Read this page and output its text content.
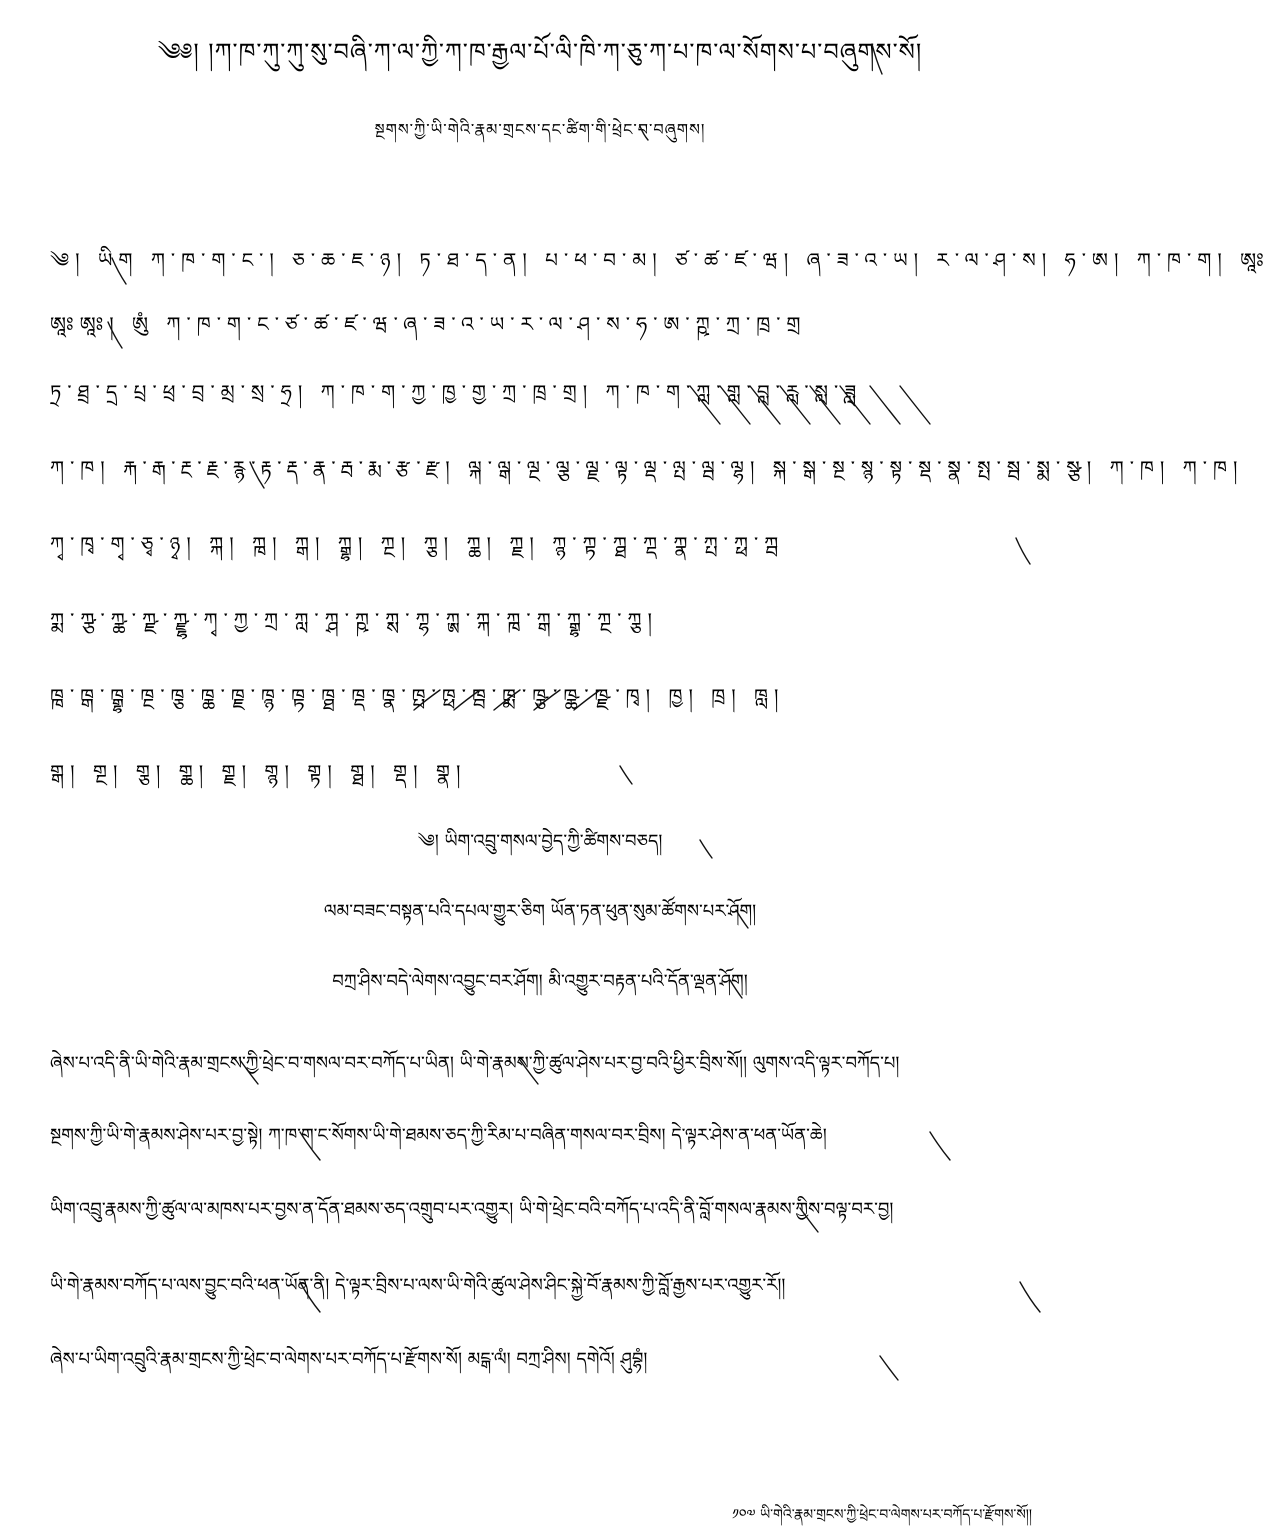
༄༅། །ཀ་ཁ་ཀུ་ཀུ་སུ་བཞི་ཀ་ལ་ཀྱི་ཀ་ཁ་རྒྱལ་པོ་ལི་ཁི་ཀ་ཅུ་ཀ་པ་ཁ་ལ་སོགས་པ་བཞུགས་སོ།
སྔགས་ཀྱི་ཡི་གེའི་རྣམ་གྲངས་དང་ཚིག་གི་ཕྲེང་བ་བཞུགས།
༄། ཡིག ཀ་ཁ་ག་ང་། ཅ་ཆ་ཇ་ཉ། ཏ་ཐ་ད་ན། པ་ཕ་བ་མ། ཙ་ཚ་ཛ་ཝ། ཞ་ཟ་འ་ཡ། ར་ལ་ཤ་ས། ཧ་ཨ། ཀ་ཁ་ག། ཨཱཿ
ཨཱཿཨཱཿ། ཨུཾ ཀ་ཁ་ག་ང་ཙ་ཚ་ཛ་ཝ་ཞ་ཟ་འ་ཡ་ར་ལ་ཤ་ས་ཧ་ཨ་ཀྵ་ཀྲ་ཁྲ་གྲ
ཏྲ་ཐྲ་དྲ་པྲ་ཕྲ་བྲ་མྲ་སྲ་ཧྲ། ཀ་ཁ་ག་ཀྱ་ཁྱ་གྱ་ཀྲ་ཁྲ་གྲ། ཀ་ཁ་ག་ཀླ་གླ་བླ་རླ་སླ་ཟླ
ཀ་ཁ། རྐ་རྒ་རྔ་རྗ་རྙ་རྟ་རྡ་རྣ་རྦ་རྨ་རྩ་རྫ། ལྐ་ལྒ་ལྔ་ལྕ་ལྗ་ལྟ་ལྡ་ལྤ་ལྦ་ལྷ། སྐ་སྒ་སྔ་སྙ་སྟ་སྡ་སྣ་སྤ་སྦ་སྨ་སྩ། ཀ་ཁ། ཀ་ཁ།
ཀྭ་ཁྭ་གྭ་ཅྭ་ཉྭ། ཀྐ། ཀྑ། ཀྒ། ཀྒྷ། ཀྔ། ཀྕ། ཀྖ། ཀྗ། ཀྙ་ཀྟ་ཀྠ་ཀྡ་ཀྣ་ཀྤ་ཀྥ་ཀྦ
ཀྨ་ཀྩ་ཀྪ་ཀྫ་ཀྫྷ་ཀྭ་ཀྱ་ཀྲ་ཀླ་ཀྴ་ཀྵ་ཀྶ་ཀྷ་ཀྸ་ཀྐ་ཀྑ་ཀྒ་ཀྒྷ་ཀྔ་ཀྕ།
ཁྑ་ཁྒ་ཁྒྷ་ཁྔ་ཁྕ་ཁྖ་ཁྗ་ཁྙ་ཁྟ་ཁྠ་ཁྡ་ཁྣ་ཁྤ་ཁྥ་ཁྦ་ཁྨ་ཁྩ་ཁྪ་ཁྫ་ཁྭ། ཁྱ། ཁྲ། ཁླ།
གྒ། གྔ། གྕ། གྖ། གྗ། གྙ། གྟ། གྠ། གྡ། གྣ།
༄། ཡིག་འབྲུ་གསལ་བྱེད་ཀྱི་ཚིགས་བཅད།
ལམ་བཟང་བསྟན་པའི་དཔལ་གྱུར་ཅིག ཡོན་ཏན་ཕུན་སུམ་ཚོགས་པར་ཤོག།
བཀྲ་ཤིས་བདེ་ལེགས་འབྱུང་བར་ཤོག། མི་འགྱུར་བརྟན་པའི་དོན་ལྡན་ཤོག།
ཞེས་པ་འདི་ནི་ཡི་གེའི་རྣམ་གྲངས་ཀྱི་ཕྲེང་བ་གསལ་བར་བཀོད་པ་ཡིན། ཡི་གེ་རྣམས་ཀྱི་ཚུལ་ཤེས་པར་བྱ་བའི་ཕྱིར་བྲིས་སོ།། ལུགས་འདི་ལྟར་བཀོད་པ།
སྔགས་ཀྱི་ཡི་གེ་རྣམས་ཤེས་པར་བྱ་སྟེ། ཀ་ཁ་ག་ང་སོགས་ཡི་གེ་ཐམས་ཅད་ཀྱི་རིམ་པ་བཞིན་གསལ་བར་བྲིས། དེ་ལྟར་ཤེས་ན་ཕན་ཡོན་ཆེ།
ཡིག་འབྲུ་རྣམས་ཀྱི་ཚུལ་ལ་མཁས་པར་བྱས་ན་དོན་ཐམས་ཅད་འགྲུབ་པར་འགྱུར། ཡི་གེ་ཕྲེང་བའི་བཀོད་པ་འདི་ནི་བློ་གསལ་རྣམས་ཀྱིས་བལྟ་བར་བྱ།
ཡི་གེ་རྣམས་བཀོད་པ་ལས་བྱུང་བའི་ཕན་ཡོན་ནི། དེ་ལྟར་བྲིས་པ་ལས་ཡི་གེའི་ཚུལ་ཤེས་ཤིང་སྐྱེ་བོ་རྣམས་ཀྱི་བློ་རྒྱས་པར་འགྱུར་རོ།།
ཞེས་པ་ཡིག་འབྲུའི་རྣམ་གྲངས་ཀྱི་ཕྲེང་བ་ལེགས་པར་བཀོད་པ་རྫོགས་སོ། མངྒ་ལཾ། བཀྲ་ཤིས། དགེའོ། ཤུབྷཾ།
༡༠༧ ཡི་གེའི་རྣམ་གྲངས་ཀྱི་ཕྲེང་བ་ལེགས་པར་བཀོད་པ་རྫོགས་སོ།།
